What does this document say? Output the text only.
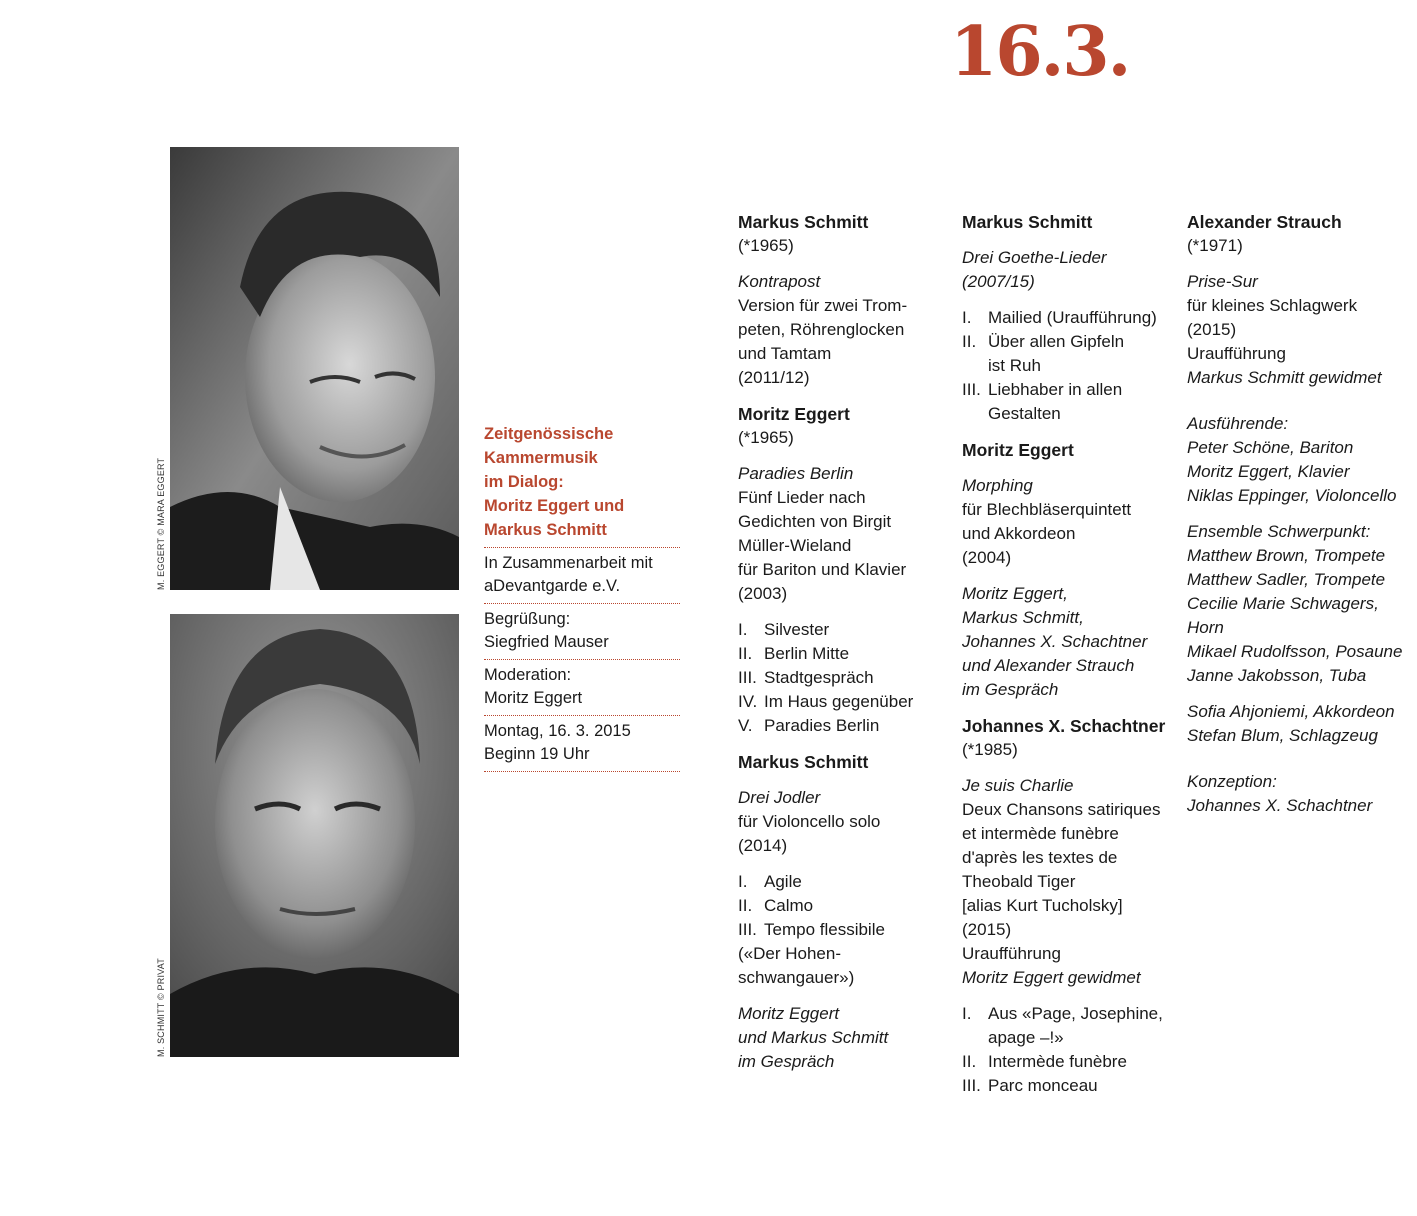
16.3.
M. EGGERT © MARA EGGERT
M. SCHMITT © PRIVAT
Zeitgenössische
Kammermusik
im Dialog:
Moritz Eggert und
Markus Schmitt
In Zusammenarbeit mit
aDevantgarde e.V.
Begrüßung:
Siegfried Mauser
Moderation:
Moritz Eggert
Montag, 16. 3. 2015
Beginn 19 Uhr
Markus Schmitt
(*1965)
Kontrapost
Version für zwei Trom-
peten, Röhrenglocken
und Tamtam
(2011/12)
Moritz Eggert
(*1965)
Paradies Berlin
Fünf Lieder nach
Gedichten von Birgit
Müller-Wieland
für Bariton und Klavier
(2003)
I. Silvester
II. Berlin Mitte
III. Stadtgespräch
IV. Im Haus gegenüber
V. Paradies Berlin
Markus Schmitt
Drei Jodler
für Violoncello solo
(2014)
I. Agile
II. Calmo
III. Tempo flessibile
(«Der Hohen-
schwangauer»)
Moritz Eggert
und Markus Schmitt
im Gespräch
Markus Schmitt
Drei Goethe-Lieder
(2007/15)
I. Mailied (Uraufführung)
II. Über allen Gipfeln
ist Ruh
III. Liebhaber in allen
Gestalten
Moritz Eggert
Morphing
für Blechbläserquintett
und Akkordeon
(2004)
Moritz Eggert,
Markus Schmitt,
Johannes X. Schachtner
und Alexander Strauch
im Gespräch
Johannes X. Schachtner
(*1985)
Je suis Charlie
Deux Chansons satiriques
et intermède funèbre
d'après les textes de
Theobald Tiger
[alias Kurt Tucholsky]
(2015)
Uraufführung
Moritz Eggert gewidmet
I. Aus «Page, Josephine,
apage –!»
II. Intermède funèbre
III. Parc monceau
Alexander Strauch
(*1971)
Prise-Sur
für kleines Schlagwerk
(2015)
Uraufführung
Markus Schmitt gewidmet
Ausführende:
Peter Schöne, Bariton
Moritz Eggert, Klavier
Niklas Eppinger, Violoncello
Ensemble Schwerpunkt:
Matthew Brown, Trompete
Matthew Sadler, Trompete
Cecilie Marie Schwagers,
Horn
Mikael Rudolfsson, Posaune
Janne Jakobsson, Tuba
Sofia Ahjoniemi, Akkordeon
Stefan Blum, Schlagzeug
Konzeption:
Johannes X. Schachtner
